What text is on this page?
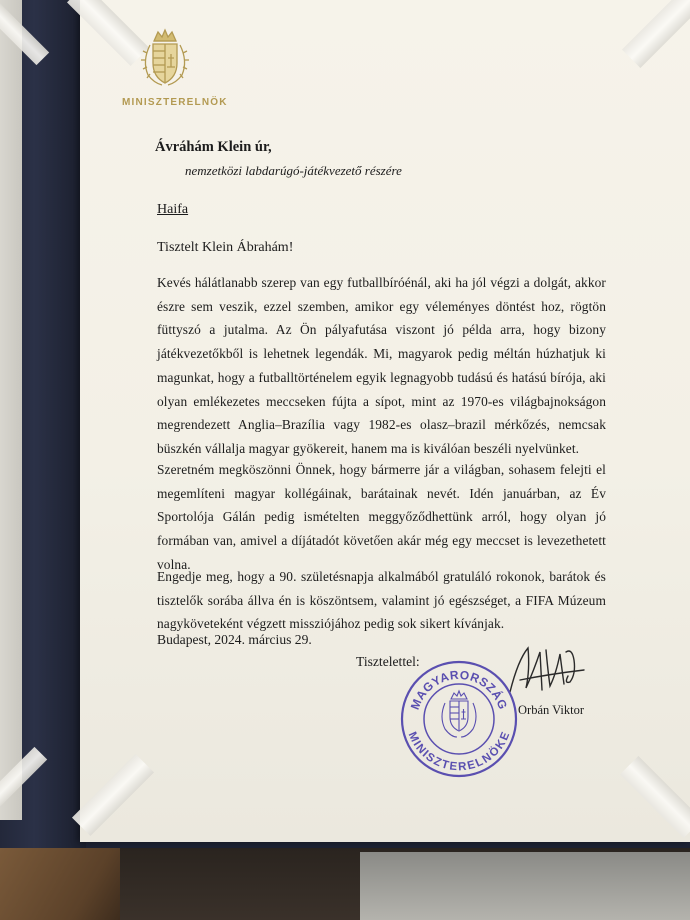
MINISZTERELNÖK
Ávráhám Klein úr,
nemzetközi labdarúgó-játékvezető részére
Haifa
Tisztelt Klein Ábrahám!
Kevés hálátlanabb szerep van egy futballbíróénál, aki ha jól végzi a dolgát, akkor észre sem veszik, ezzel szemben, amikor egy véleményes döntést hoz, rögtön füttyszó a jutalma. Az Ön pályafutása viszont jó példa arra, hogy bizony játékvezetőkből is lehetnek legendák. Mi, magyarok pedig méltán húzhatjuk ki magunkat, hogy a futballtörténelem egyik legnagyobb tudású és hatású bírója, aki olyan emlékezetes meccseken fújta a sípot, mint az 1970-es világbajnokságon megrendezett Anglia–Brazília vagy 1982-es olasz–brazil mérkőzés, nemcsak büszkén vállalja magyar gyökereit, hanem ma is kiválóan beszéli nyelvünket.
Szeretném megköszönni Önnek, hogy bármerre jár a világban, sohasem felejti el megemlíteni magyar kollégáinak, barátainak nevét. Idén januárban, az Év Sportolója Gálán pedig ismételten meggyőződhettünk arról, hogy olyan jó formában van, amivel a díjátadót követően akár még egy meccset is levezethetett volna.
Engedje meg, hogy a 90. születésnapja alkalmából gratuláló rokonok, barátok és tisztelők sorába állva én is köszöntsem, valamint jó egészséget, a FIFA Múzeum nagyköveteként végzett missziójához pedig sok sikert kívánjak.
Budapest, 2024. március 29.
Tisztelettel:
MAGYARORSZÁG
MINISZTERELNÖKE
Orbán Viktor
